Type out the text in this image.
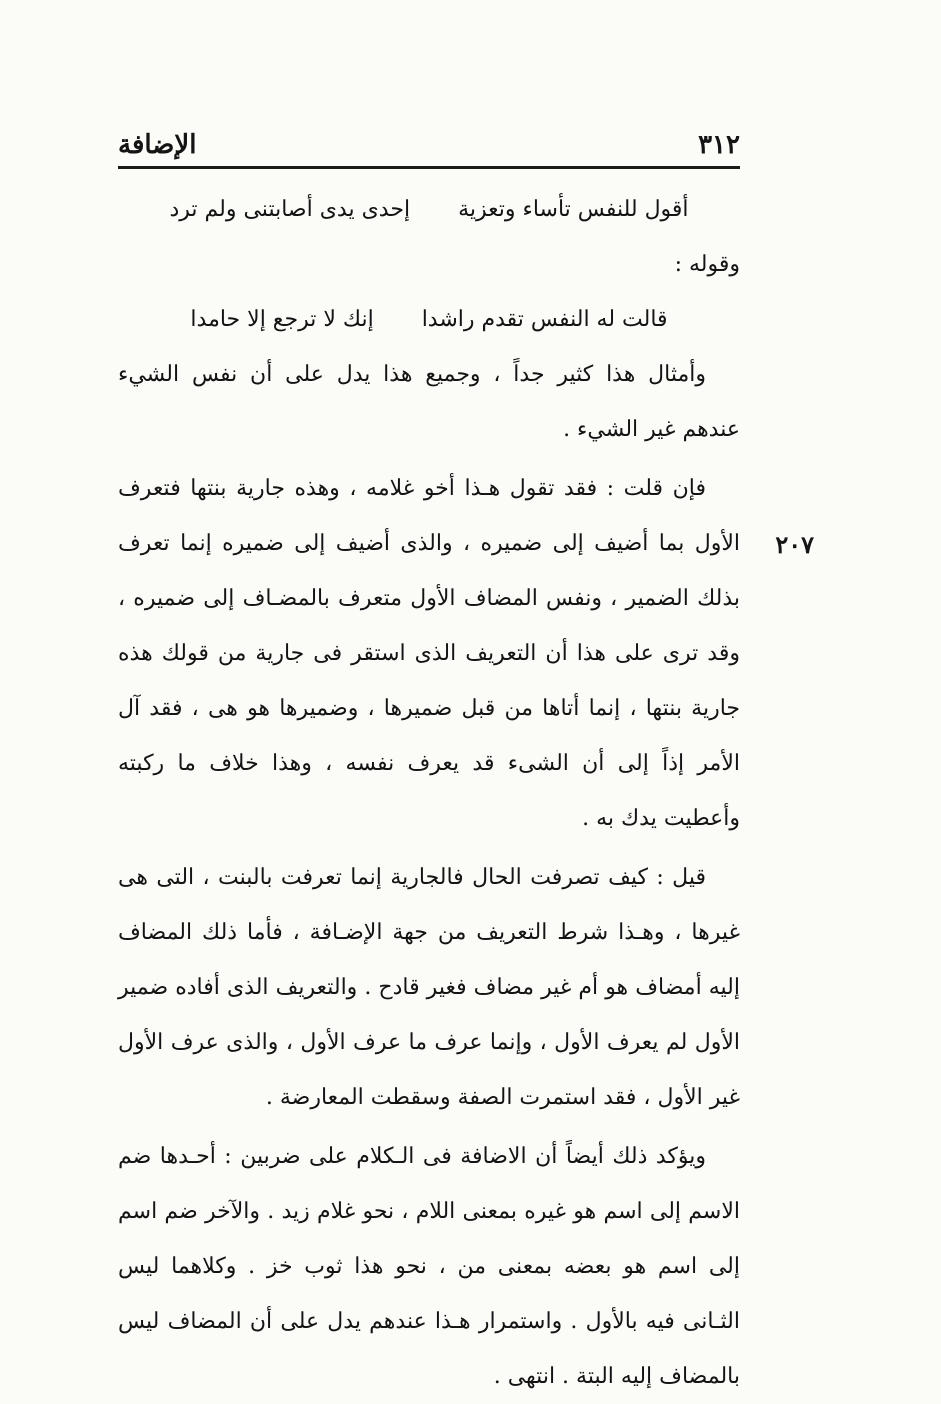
٣١٢
الإضافة
٢٠٧
أقول للنفس تأساء وتعزيةإحدى يدى أصابتنى ولم ترد
وقوله :
قالت له النفس تقدم راشداإنك لا ترجع إلا حامدا

وأمثال هذا كثير جداً ، وجميع هذا يدل على أن نفس الشيء عندهم غير الشيء .

فإن قلت : فقد تقول هـذا أخو غلامه ، وهذه جارية بنتها فتعرف الأول بما أضيف إلى ضميره ، والذى أضيف إلى ضميره إنما تعرف بذلك الضمير ، ونفس المضاف الأول متعرف بالمضـاف إلى ضميره ، وقد ترى على هذا أن التعريف الذى استقر فى جارية من قولك هذه جارية بنتها ، إنما أتاها من قبل ضميرها ، وضميرها هو هى ، فقد آل الأمر إذاً إلى أن الشىء قد يعرف نفسه ، وهذا خلاف ما ركبته وأعطيت يدك به .

قيل : كيف تصرفت الحال فالجارية إنما تعرفت بالبنت ، التى هى غيرها ، وهـذا شرط التعريف من جهة الإضـافة ، فأما ذلك المضاف إليه أمضاف هو أم غير مضاف فغير قادح . والتعريف الذى أفاده ضمير الأول لم يعرف الأول ، وإنما عرف ما عرف الأول ، والذى عرف الأول غير الأول ، فقد استمرت الصفة وسقطت المعارضة .

ويؤكد ذلك أيضاً أن الاضافة فى الـكلام على ضربين : أحـدها ضم الاسم إلى اسم هو غيره بمعنى اللام ، نحو غلام زيد . والآخر ضم اسم إلى اسم هو بعضه بمعنى من ، نحو هذا ثوب خز . وكلاهما ليس الثـانى فيه بالأول . واستمرار هـذا عندهم يدل على أن المضاف ليس بالمضاف إليه البتة . انتهى .
